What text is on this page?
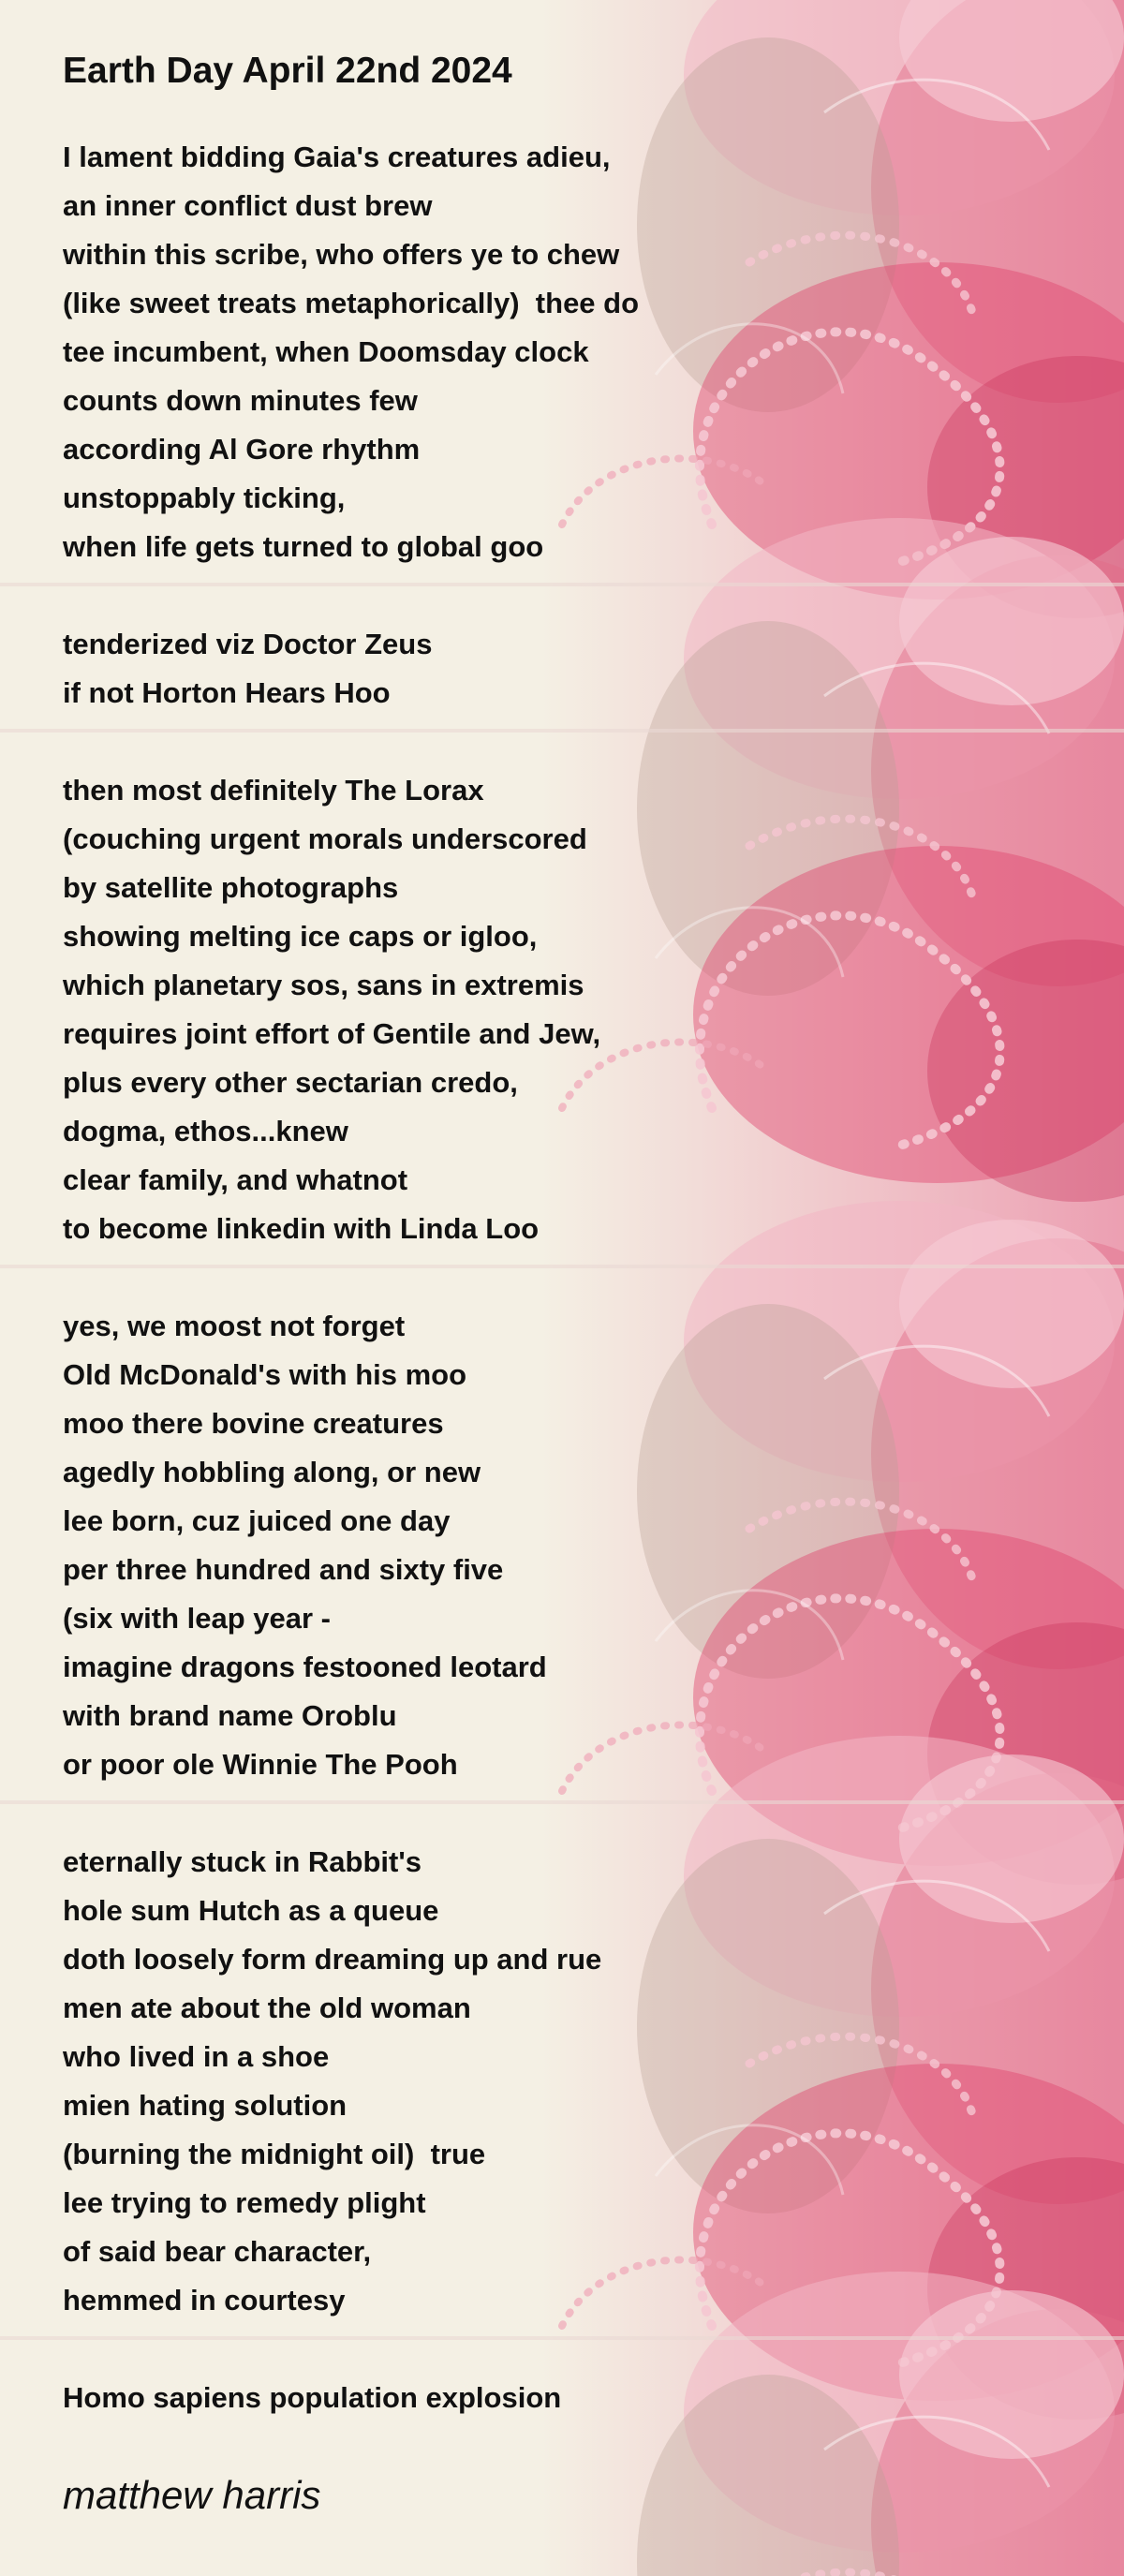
Earth Day April 22nd 2024
I lament bidding Gaia's creatures adieu,
an inner conflict dust brew
within this scribe, who offers ye to chew
(like sweet treats metaphorically)  thee do
tee incumbent, when Doomsday clock
counts down minutes few
according Al Gore rhythm
unstoppably ticking,
when life gets turned to global goo
tenderized viz Doctor Zeus
if not Horton Hears Hoo
then most definitely The Lorax
(couching urgent morals underscored
by satellite photographs
showing melting ice caps or igloo,
which planetary sos, sans in extremis
requires joint effort of Gentile and Jew,
plus every other sectarian credo,
dogma, ethos...knew
clear family, and whatnot
to become linkedin with Linda Loo
yes, we moost not forget
Old McDonald's with his moo
moo there bovine creatures
agedly hobbling along, or new
lee born, cuz juiced one day
per three hundred and sixty five
(six with leap year -
imagine dragons festooned leotard
with brand name Oroblu
or poor ole Winnie The Pooh
eternally stuck in Rabbit's
hole sum Hutch as a queue
doth loosely form dreaming up and rue
men ate about the old woman
who lived in a shoe
mien hating solution
(burning the midnight oil)  true
lee trying to remedy plight
of said bear character,
hemmed in courtesy
Homo sapiens population explosion
matthew harris
